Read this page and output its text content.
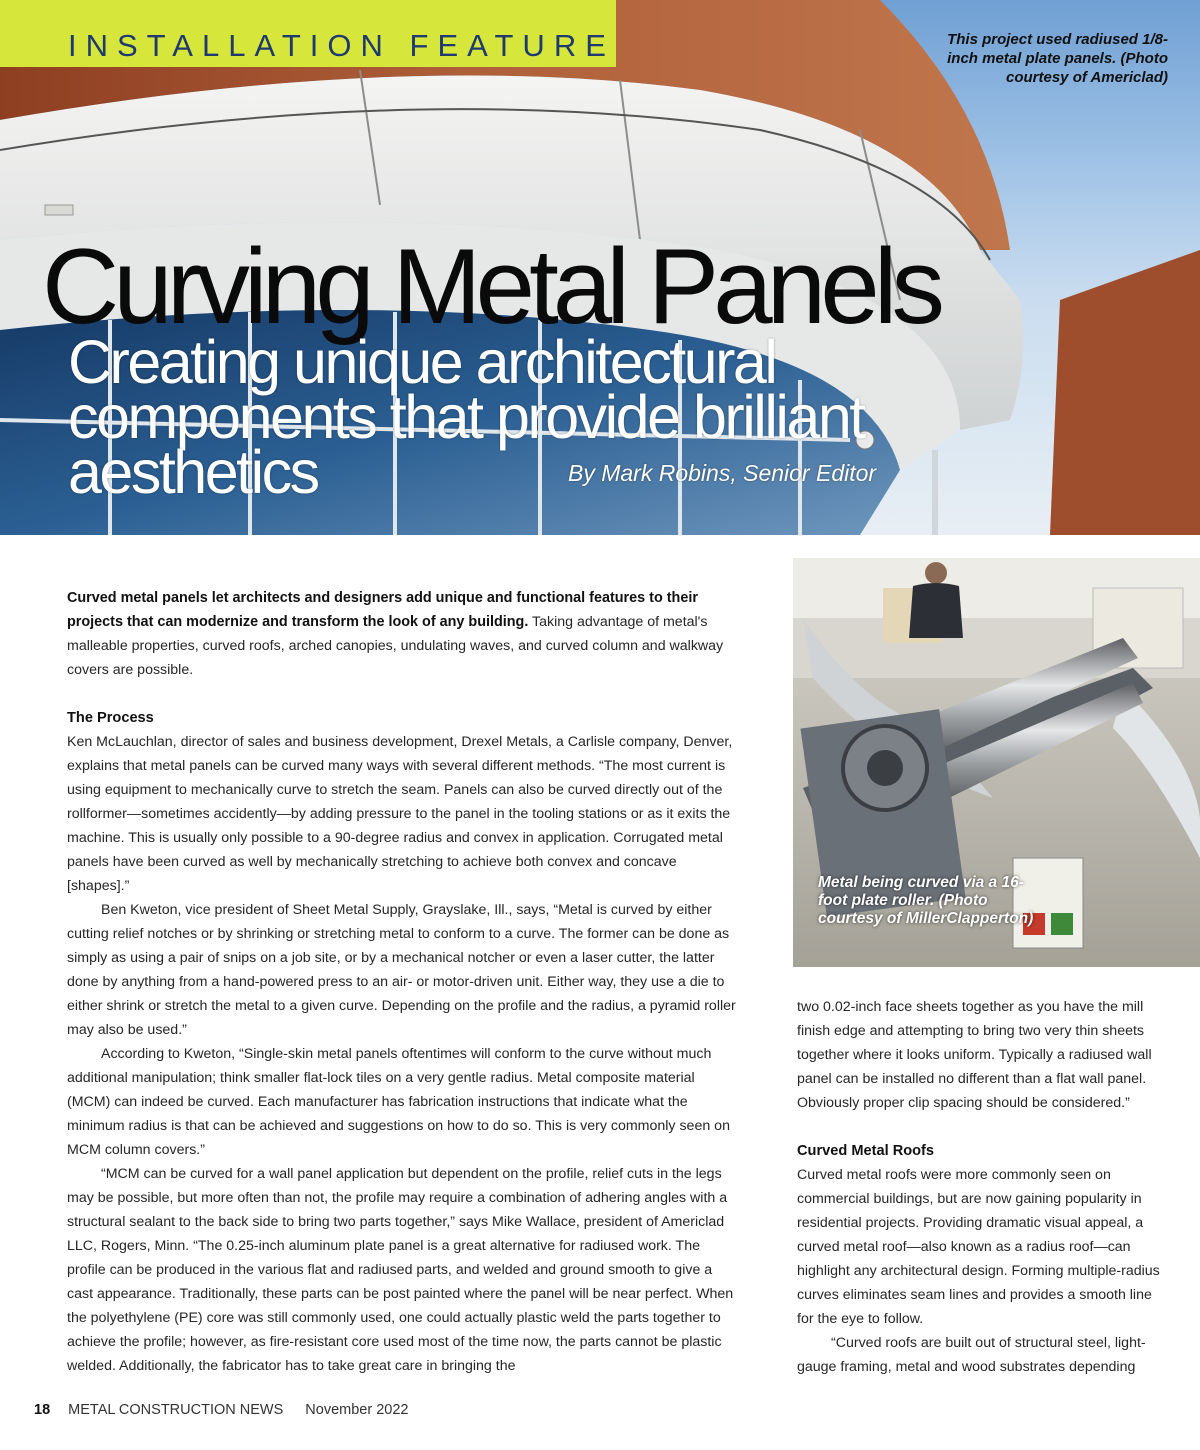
INSTALLATION FEATURE	This project used radiused 1/8-inch metal plate panels. (Photo courtesy of Americlad)
Curving Metal Panels
Creating unique architectural components that provide brilliant aesthetics	By Mark Robins, Senior Editor

Curved metal panels let architects and designers add unique and functional features to their projects that can modernize and transform the look of any building. Taking advantage of metal's malleable properties, curved roofs, arched canopies, undulating waves, and curved column and walkway covers are possible.

The Process

Ken McLauchlan, director of sales and business development, Drexel Metals, a Carlisle company, Denver, explains that metal panels can be curved many ways with several different methods. “The most current is using equipment to mechanically curve to stretch the seam. Panels can also be curved directly out of the rollformer—sometimes accidently—by adding pressure to the panel in the tooling stations or as it exits the machine. This is usually only possible to a 90-degree radius and convex in application. Corrugated metal panels have been curved as well by mechanically stretching to achieve both convex and concave [shapes].”

Ben Kweton, vice president of Sheet Metal Supply, Grayslake, Ill., says, “Metal is curved by either cutting relief notches or by shrinking or stretching metal to conform to a curve. The former can be done as simply as using a pair of snips on a job site, or by a mechanical notcher or even a laser cutter, the latter done by anything from a hand-powered press to an air- or motor-driven unit. Either way, they use a die to either shrink or stretch the metal to a given curve. Depending on the profile and the radius, a pyramid roller may also be used.”

According to Kweton, “Single-skin metal panels oftentimes will conform to the curve without much additional manipulation; think smaller flat-lock tiles on a very gentle radius. Metal composite material (MCM) can indeed be curved. Each manufacturer has fabrication instructions that indicate what the minimum radius is that can be achieved and suggestions on how to do so. This is very commonly seen on MCM column covers.”

“MCM can be curved for a wall panel application but dependent on the profile, relief cuts in the legs may be possible, but more often than not, the profile may require a combination of adhering angles with a structural sealant to the back side to bring two parts together,” says Mike Wallace, president of Americlad LLC, Rogers, Minn. “The 0.25-inch aluminum plate panel is a great alternative for radiused work. The profile can be produced in the various flat and radiused parts, and welded and ground smooth to give a cast appearance. Traditionally, these parts can be post painted where the panel will be near perfect. When the polyethylene (PE) core was still commonly used, one could actually plastic weld the parts together to achieve the profile; however, as fire-resistant core used most of the time now, the parts cannot be plastic welded. Additionally, the fabricator has to take great care in bringing the

Metal being curved via a 16-foot plate roller. (Photo courtesy of MillerClapperton)

two 0.02-inch face sheets together as you have the mill finish edge and attempting to bring two very thin sheets together where it looks uniform. Typically a radiused wall panel can be installed no different than a flat wall panel. Obviously proper clip spacing should be considered.”

Curved Metal Roofs

Curved metal roofs were more commonly seen on commercial buildings, but are now gaining popularity in residential projects. Providing dramatic visual appeal, a curved metal roof—also known as a radius roof—can highlight any architectural design. Forming multiple-radius curves eliminates seam lines and provides a smooth line for the eye to follow.

“Curved roofs are built out of structural steel, light-gauge framing, metal and wood substrates depending

18 METAL CONSTRUCTION NEWS November 2022
